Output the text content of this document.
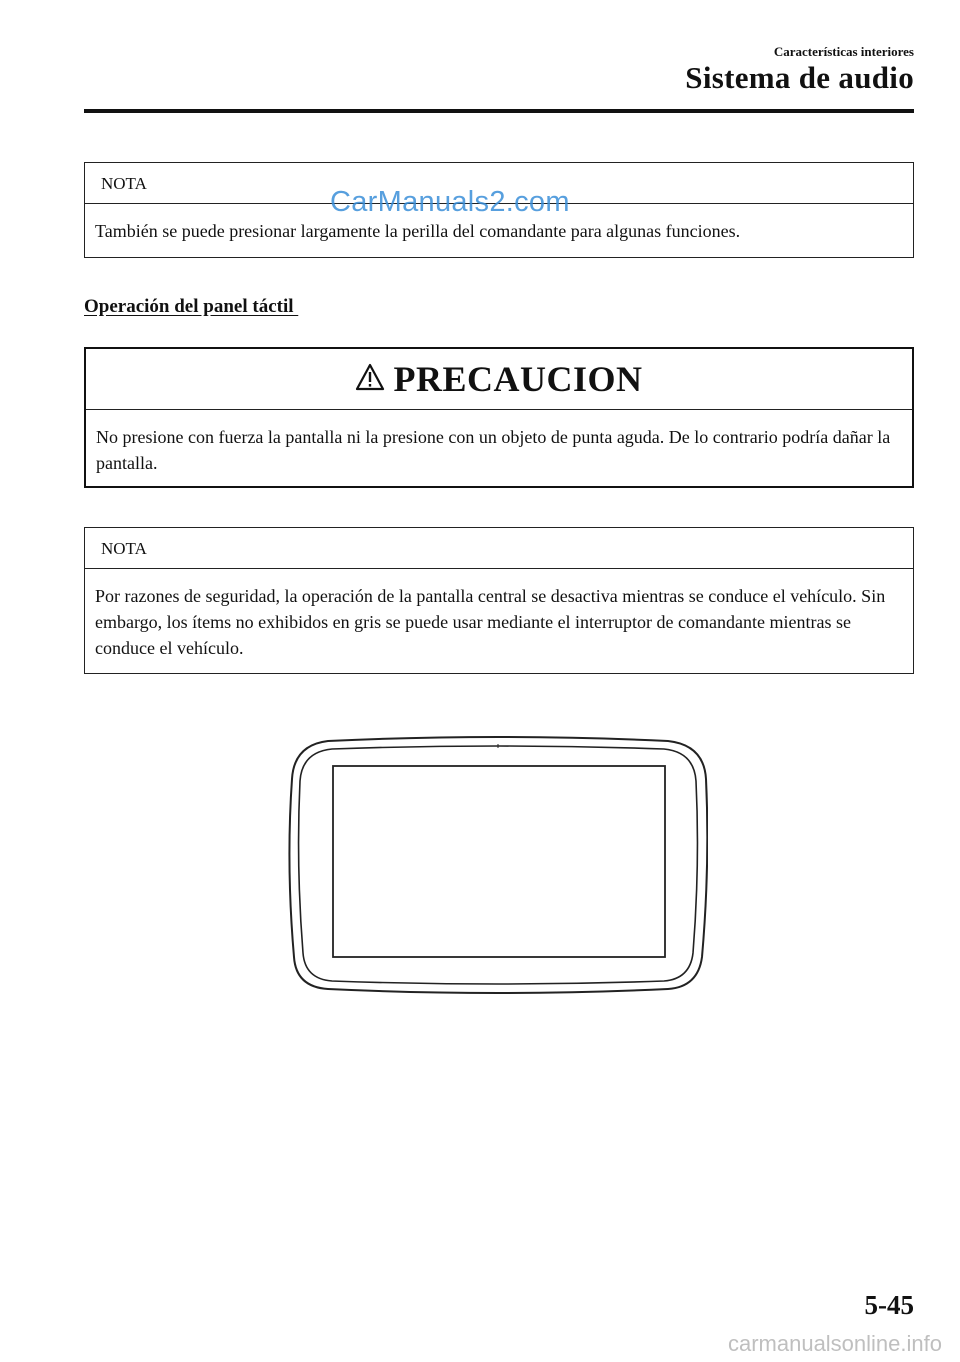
Características interiores
Sistema de audio
NOTA
También se puede presionar largamente la perilla del comandante para algunas funciones.
CarManuals2.com
Operación del panel táctil
PRECAUCION
No presione con fuerza la pantalla ni la presione con un objeto de punta aguda. De lo contrario podría dañar la pantalla.
NOTA
Por razones de seguridad, la operación de la pantalla central se desactiva mientras se conduce el vehículo. Sin embargo, los ítems no exhibidos en gris se puede usar mediante el interruptor de comandante mientras se conduce el vehículo.
5-45
carmanualsonline.info
